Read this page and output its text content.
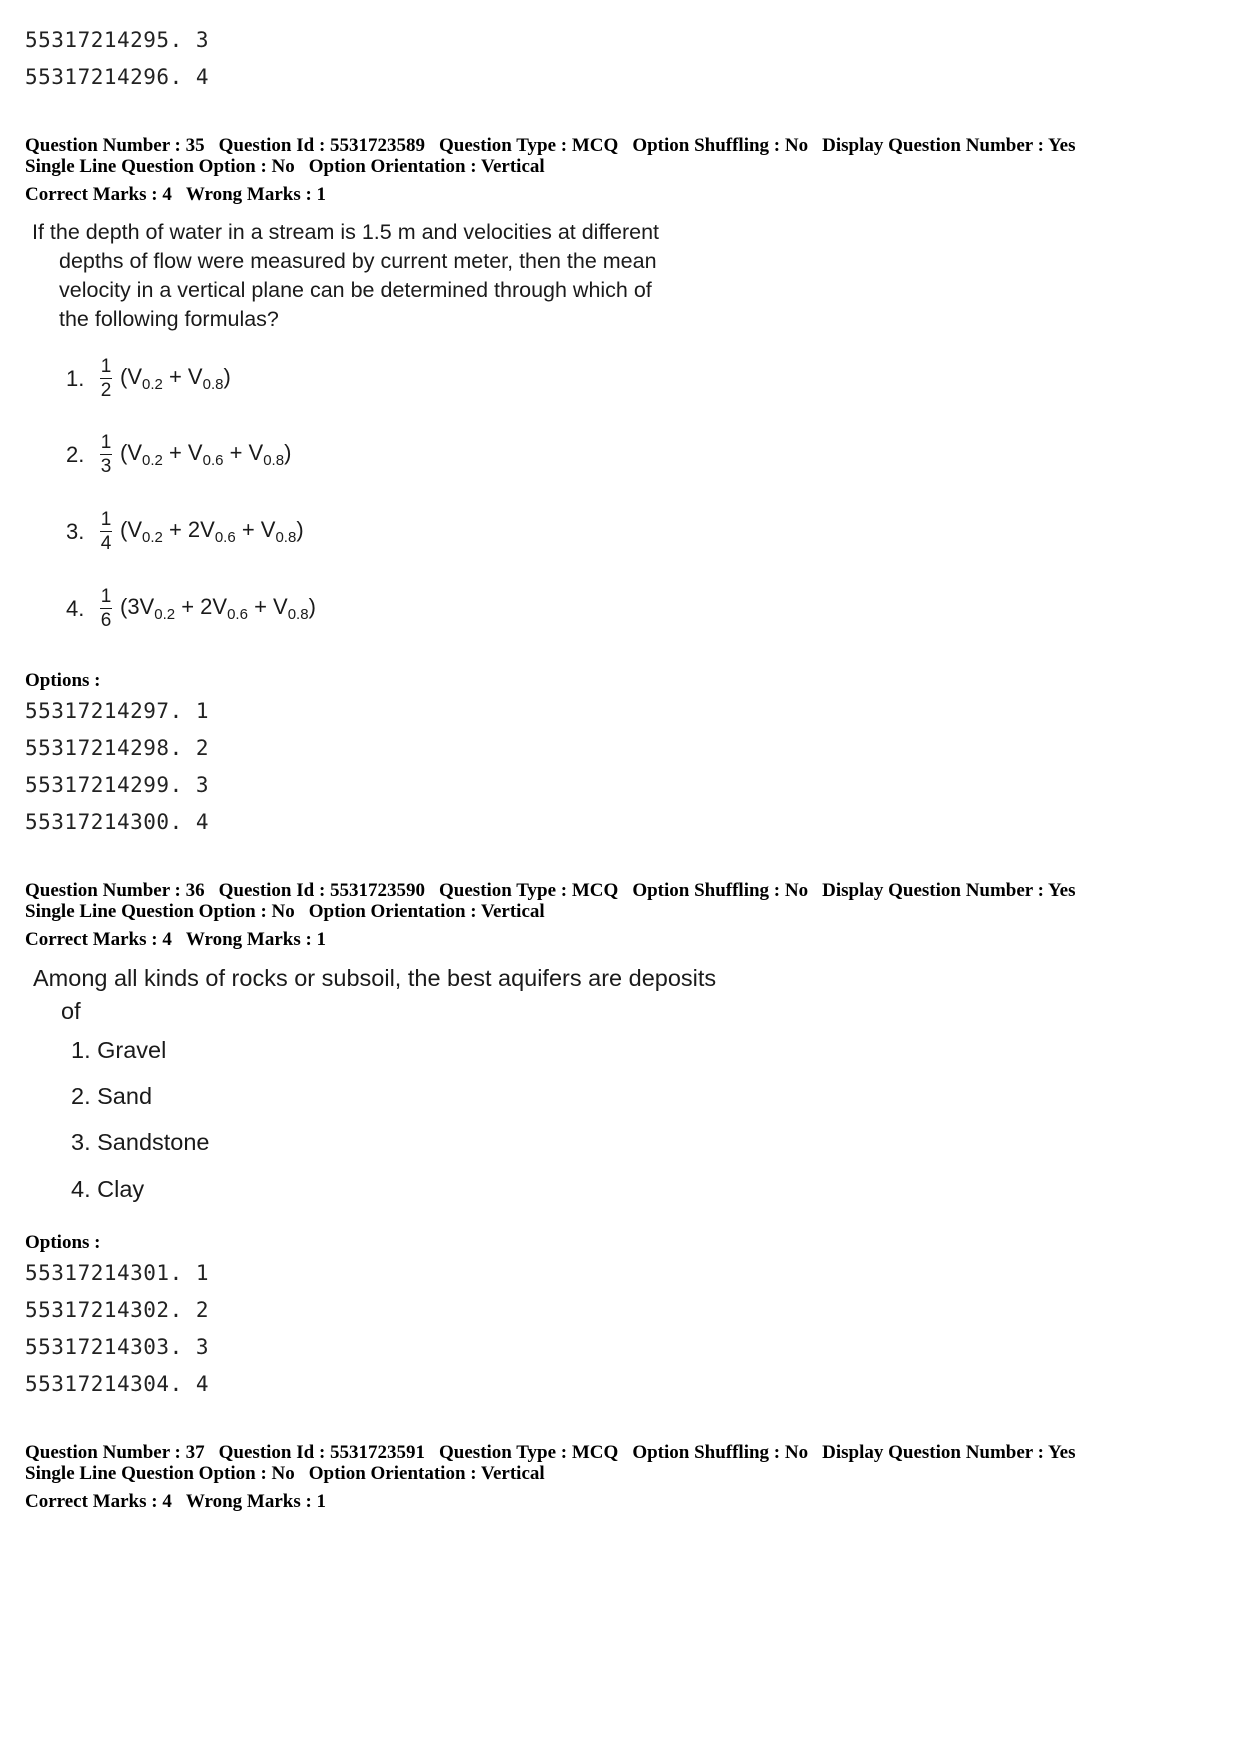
55317214295. 3
55317214296. 4
Question Number : 35 Question Id : 5531723589 Question Type : MCQ Option Shuffling : No Display Question Number : Yes
Single Line Question Option : No Option Orientation : Vertical
Correct Marks : 4 Wrong Marks : 1
If the depth of water in a stream is 1.5 m and velocities at different
depths of flow were measured by current meter, then the mean
velocity in a vertical plane can be determined through which of
the following formulas?
1. $\frac{1}{2} (V_{0.2} + V_{0.8})$
2. $\frac{1}{3} (V_{0.2} + V_{0.6} + V_{0.8})$
3. $\frac{1}{4} (V_{0.2} + 2V_{0.6} + V_{0.8})$
4. $\frac{1}{6} (3V_{0.2} + 2V_{0.6} + V_{0.8})$
Options :
55317214297. 1
55317214298. 2
55317214299. 3
55317214300. 4
Question Number : 36 Question Id : 5531723590 Question Type : MCQ Option Shuffling : No Display Question Number : Yes
Single Line Question Option : No Option Orientation : Vertical
Correct Marks : 4 Wrong Marks : 1
Among all kinds of rocks or subsoil, the best aquifers are deposits
of
1. Gravel
2. Sand
3. Sandstone
4. Clay
Options :
55317214301. 1
55317214302. 2
55317214303. 3
55317214304. 4
Question Number : 37 Question Id : 5531723591 Question Type : MCQ Option Shuffling : No Display Question Number : Yes
Single Line Question Option : No Option Orientation : Vertical
Correct Marks : 4 Wrong Marks : 1
